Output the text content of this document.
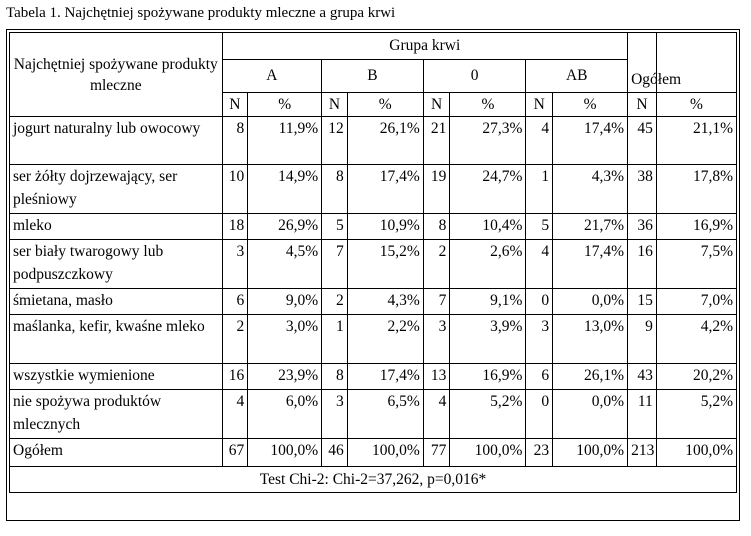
Tabela 1. Najchętniej spożywane produkty mleczne a grupa krwi
Najchętniej spożywane produkty mleczne	Grupa krwi								Ogółem	
	A		B		0		AB			
	N	%	N	%	N	%	N	%	N	%
jogurt naturalny lub owocowy	8	11,9%	12	26,1%	21	27,3%	4	17,4%	45	21,1%
ser żółty dojrzewający, ser pleśniowy	10	14,9%	8	17,4%	19	24,7%	1	4,3%	38	17,8%
mleko	18	26,9%	5	10,9%	8	10,4%	5	21,7%	36	16,9%
ser biały twarogowy lub podpuszczkowy	3	4,5%	7	15,2%	2	2,6%	4	17,4%	16	7,5%
śmietana, masło	6	9,0%	2	4,3%	7	9,1%	0	0,0%	15	7,0%
maślanka, kefir, kwaśne mleko	2	3,0%	1	2,2%	3	3,9%	3	13,0%	9	4,2%
wszystkie wymienione	16	23,9%	8	17,4%	13	16,9%	6	26,1%	43	20,2%
nie spożywa produktów mlecznych	4	6,0%	3	6,5%	4	5,2%	0	0,0%	11	5,2%
Ogółem	67	100,0%	46	100,0%	77	100,0%	23	100,0%	213	100,0%
Test Chi-2: Chi-2=37,262, p=0,016*										
